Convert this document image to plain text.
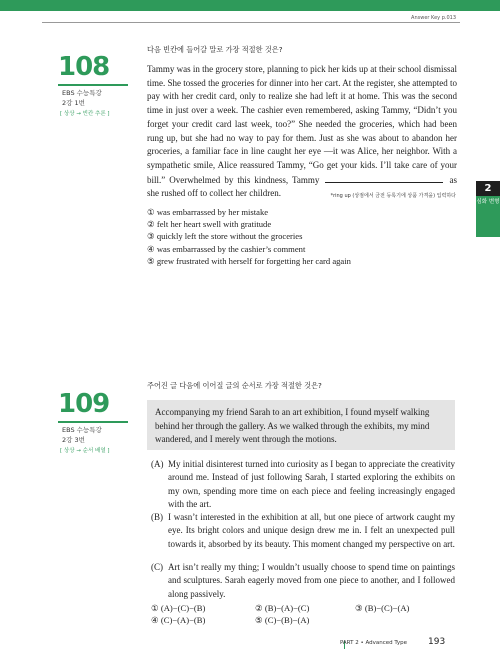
Answer Key p.013
108
EBS 수능특강
2강 1번
[ 상상 → 빈칸 추론 ]
다음 빈칸에 들어갈 말로 가장 적절한 것은?

Tammy was in the grocery store, planning to pick her kids up at their school dismissal time. She tossed the groceries for dinner into her cart. At the register, she attempted to pay with her credit card, only to realize she had left it at home. This was the second time in just over a week. The cashier even remembered, asking Tammy, “Didn’t you forget your credit card last week, too?” She needed the groceries, which had been rung up, but she had no way to pay for them. Just as she was about to abandon her groceries, a familiar face in line caught her eye —it was Alice, her neighbor. With a sympathetic smile, Alice reassured Tammy, “Go get your kids. I’ll take care of your bill.” Overwhelmed by this kindness, Tammy	as she rushed off to collect her children.	*ring up (상점에서 금전 등록기에 상품 가격을) 입력하다
① was embarrassed by her mistake
② felt her heart swell with gratitude
③ quickly left the store without the groceries
④ was embarrassed by the cashier’s comment
⑤ grew frustrated with herself for forgetting her card again
2
심화 변형
109
EBS 수능특강
2강 3번
[ 상상 → 순서 배열 ]
주어진 글 다음에 이어질 글의 순서로 가장 적절한 것은?

Accompanying my friend Sarah to an art exhibition, I found myself walking behind her through the gallery. As we walked through the exhibits, my mind wandered, and I merely went through the motions.

(A) My initial disinterest turned into curiosity as I began to appreciate the creativity around me. Instead of just following Sarah, I started exploring the exhibits on my own, spending more time on each piece and feeling increasingly engaged with the art.
(B) I wasn’t interested in the exhibition at all, but one piece of artwork caught my eye. Its bright colors and unique design drew me in. I felt an unexpected pull towards it, absorbed by its beauty. This moment changed my perspective on art.
(C) Art isn’t really my thing; I wouldn’t usually choose to spend time on paintings and sculptures. Sarah eagerly moved from one piece to another, and I followed along passively.
① (A)−(C)−(B)	② (B)−(A)−(C)	③ (B)−(C)−(A)
④ (C)−(A)−(B)	⑤ (C)−(B)−(A)
PART 2 • Advanced Type 193
